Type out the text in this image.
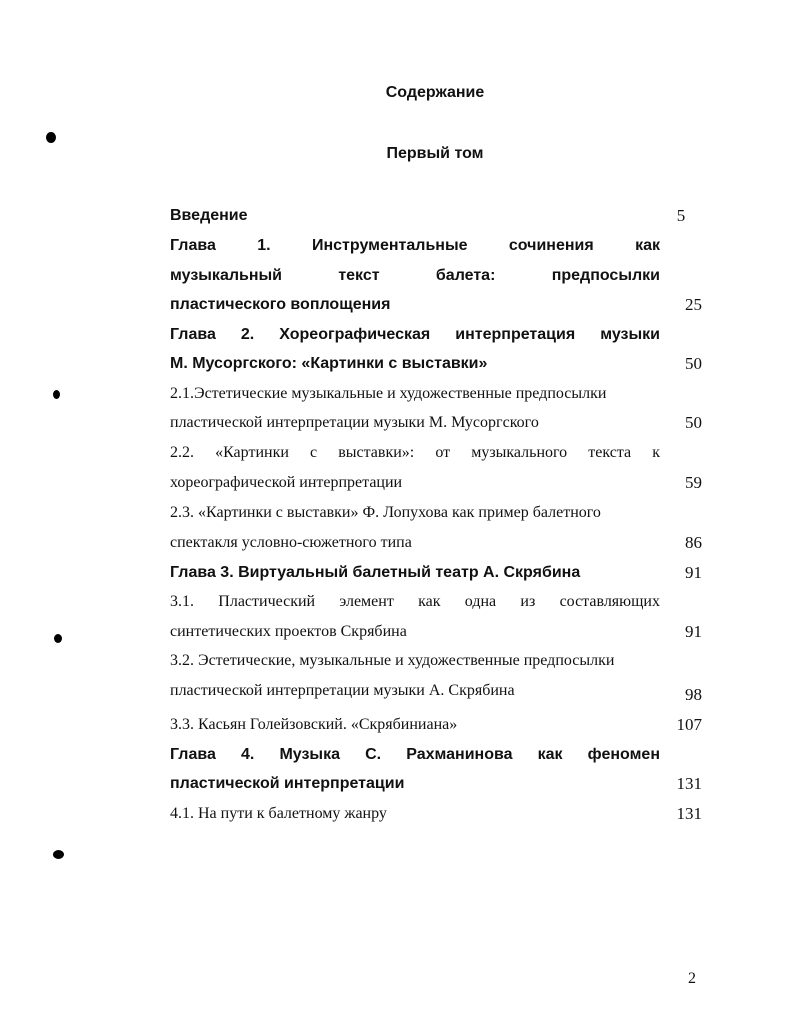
Содержание
Первый том
Введение	5
Глава 1. Инструментальные сочинения как
музыкальный текст балета: предпосылки
пластического воплощения	25
Глава 2. Хореографическая интерпретация музыки
М. Мусоргского: «Картинки с выставки»	50
2.1.Эстетические музыкальные и художественные предпосылки
пластической интерпретации музыки М. Мусоргского	50
2.2. «Картинки с выставки»: от музыкального текста к
хореографической интерпретации	59
2.3. «Картинки с выставки» Ф. Лопухова как пример балетного
спектакля условно-сюжетного типа	86
Глава 3. Виртуальный балетный театр А. Скрябина	91
3.1. Пластический элемент как одна из составляющих
синтетических проектов Скрябина	91
3.2. Эстетические, музыкальные и художественные предпосылки
пластической интерпретации музыки А. Скрябина	98
3.3. Касьян Голейзовский. «Скрябиниана»	107
Глава 4. Музыка С. Рахманинова как феномен
пластической интерпретации	131
4.1. На пути к балетному жанру	131
2
